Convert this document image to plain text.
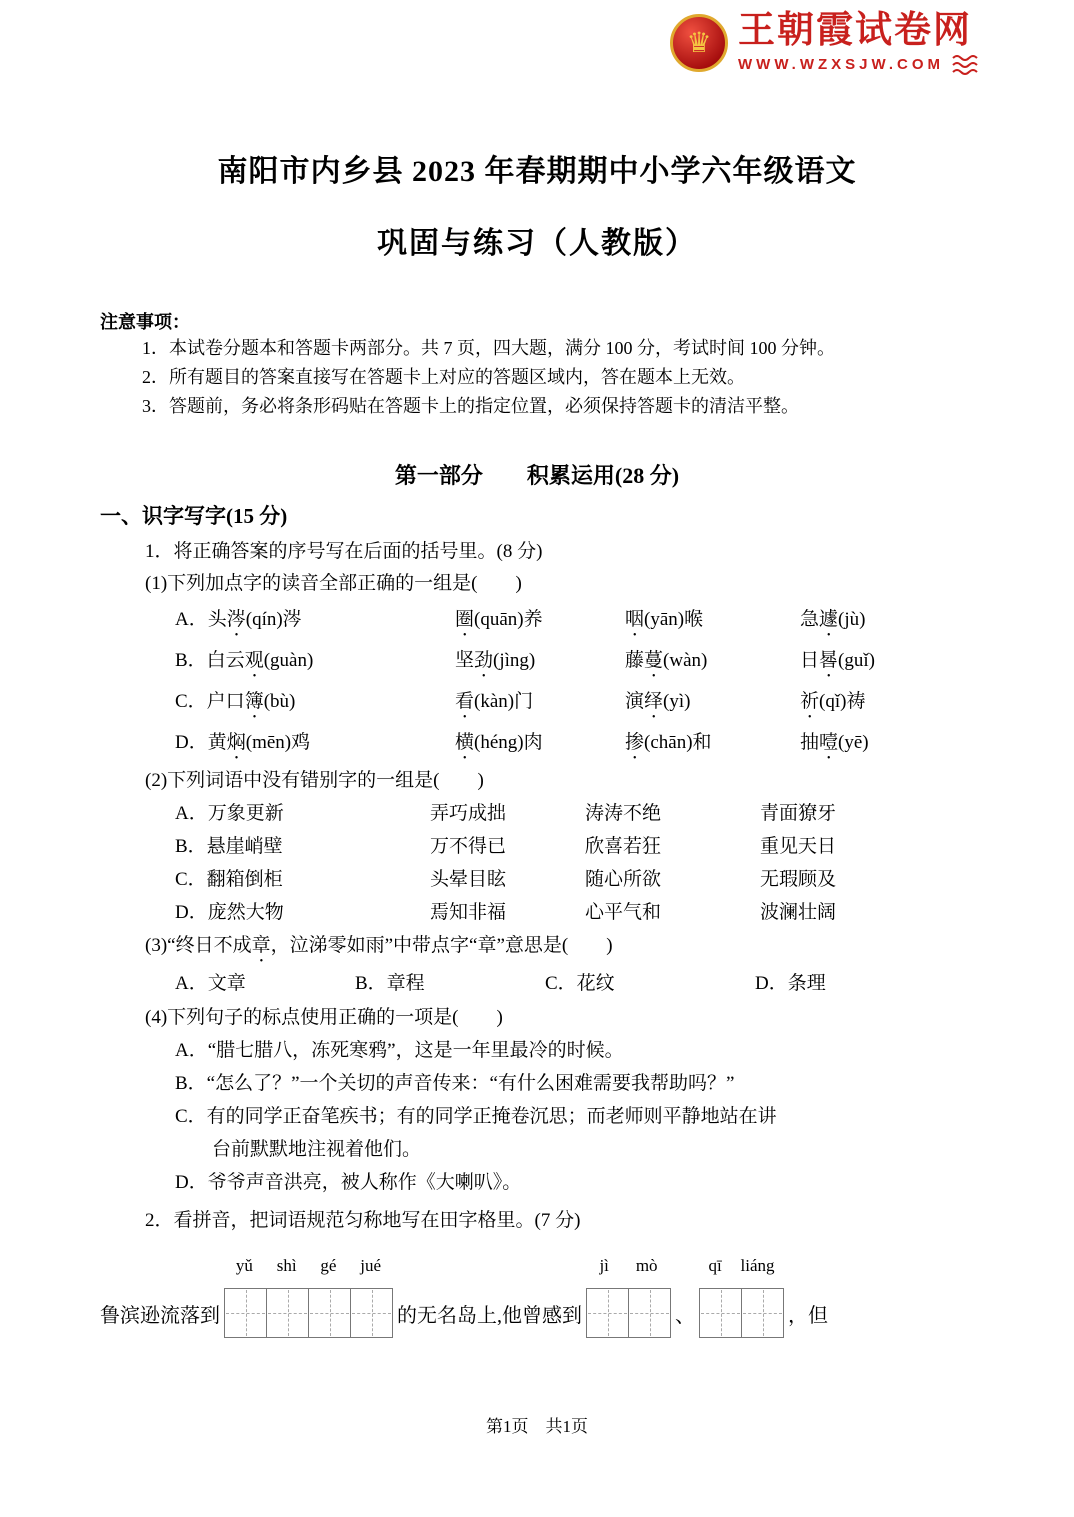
♛ 王朝霞试卷网
WWW.WZXSJW.COM
南阳市内乡县 2023 年春期期中小学六年级语文
巩固与练习（人教版）
注意事项：
1．本试卷分题本和答题卡两部分。共 7 页，四大题，满分 100 分，考试时间 100 分钟。
2．所有题目的答案直接写在答题卡上对应的答题区域内，答在题本上无效。
3．答题前，务必将条形码贴在答题卡上的指定位置，必须保持答题卡的清洁平整。
第一部分　　积累运用(28 分)
一、识字写字(15 分)
1．将正确答案的序号写在后面的括号里。(8 分)
(1)下列加点字的读音全部正确的一组是(　　)
A．头涔(qín)涔	圈(quān)养	咽(yān)喉	急遽(jù)
B．白云观(guàn)	坚劲(jìng)	藤蔓(wàn)	日晷(guǐ)
C．户口簿(bù)	看(kàn)门	演绎(yì)	祈(qǐ)祷
D．黄焖(mēn)鸡	横(héng)肉	掺(chān)和	抽噎(yē)
(2)下列词语中没有错别字的一组是(　　)
A．万象更新	弄巧成拙	涛涛不绝	青面獠牙
B．悬崖峭壁	万不得已	欣喜若狂	重见天日
C．翻箱倒柜	头晕目眩	随心所欲	无瑕顾及
D．庞然大物	焉知非福	心平气和	波澜壮阔
(3)“终日不成章，泣涕零如雨”中带点字“章”意思是(　　)
A．文章	B．章程	C．花纹	D．条理
(4)下列句子的标点使用正确的一项是(　　)
A．“腊七腊八，冻死寒鸦”，这是一年里最冷的时候。
B．“怎么了？”一个关切的声音传来：“有什么困难需要我帮助吗？”
C．有的同学正奋笔疾书；有的同学正掩卷沉思；而老师则平静地站在讲
台前默默地注视着他们。
D．爷爷声音洪亮，被人称作《大喇叭》。
2．看拼音，把词语规范匀称地写在田字格里。(7 分)
鲁滨逊流落到
yǔ shì gé jué
的无名岛上,他曾感到
jì mò
、
qī liáng
，但
第1页　共1页
